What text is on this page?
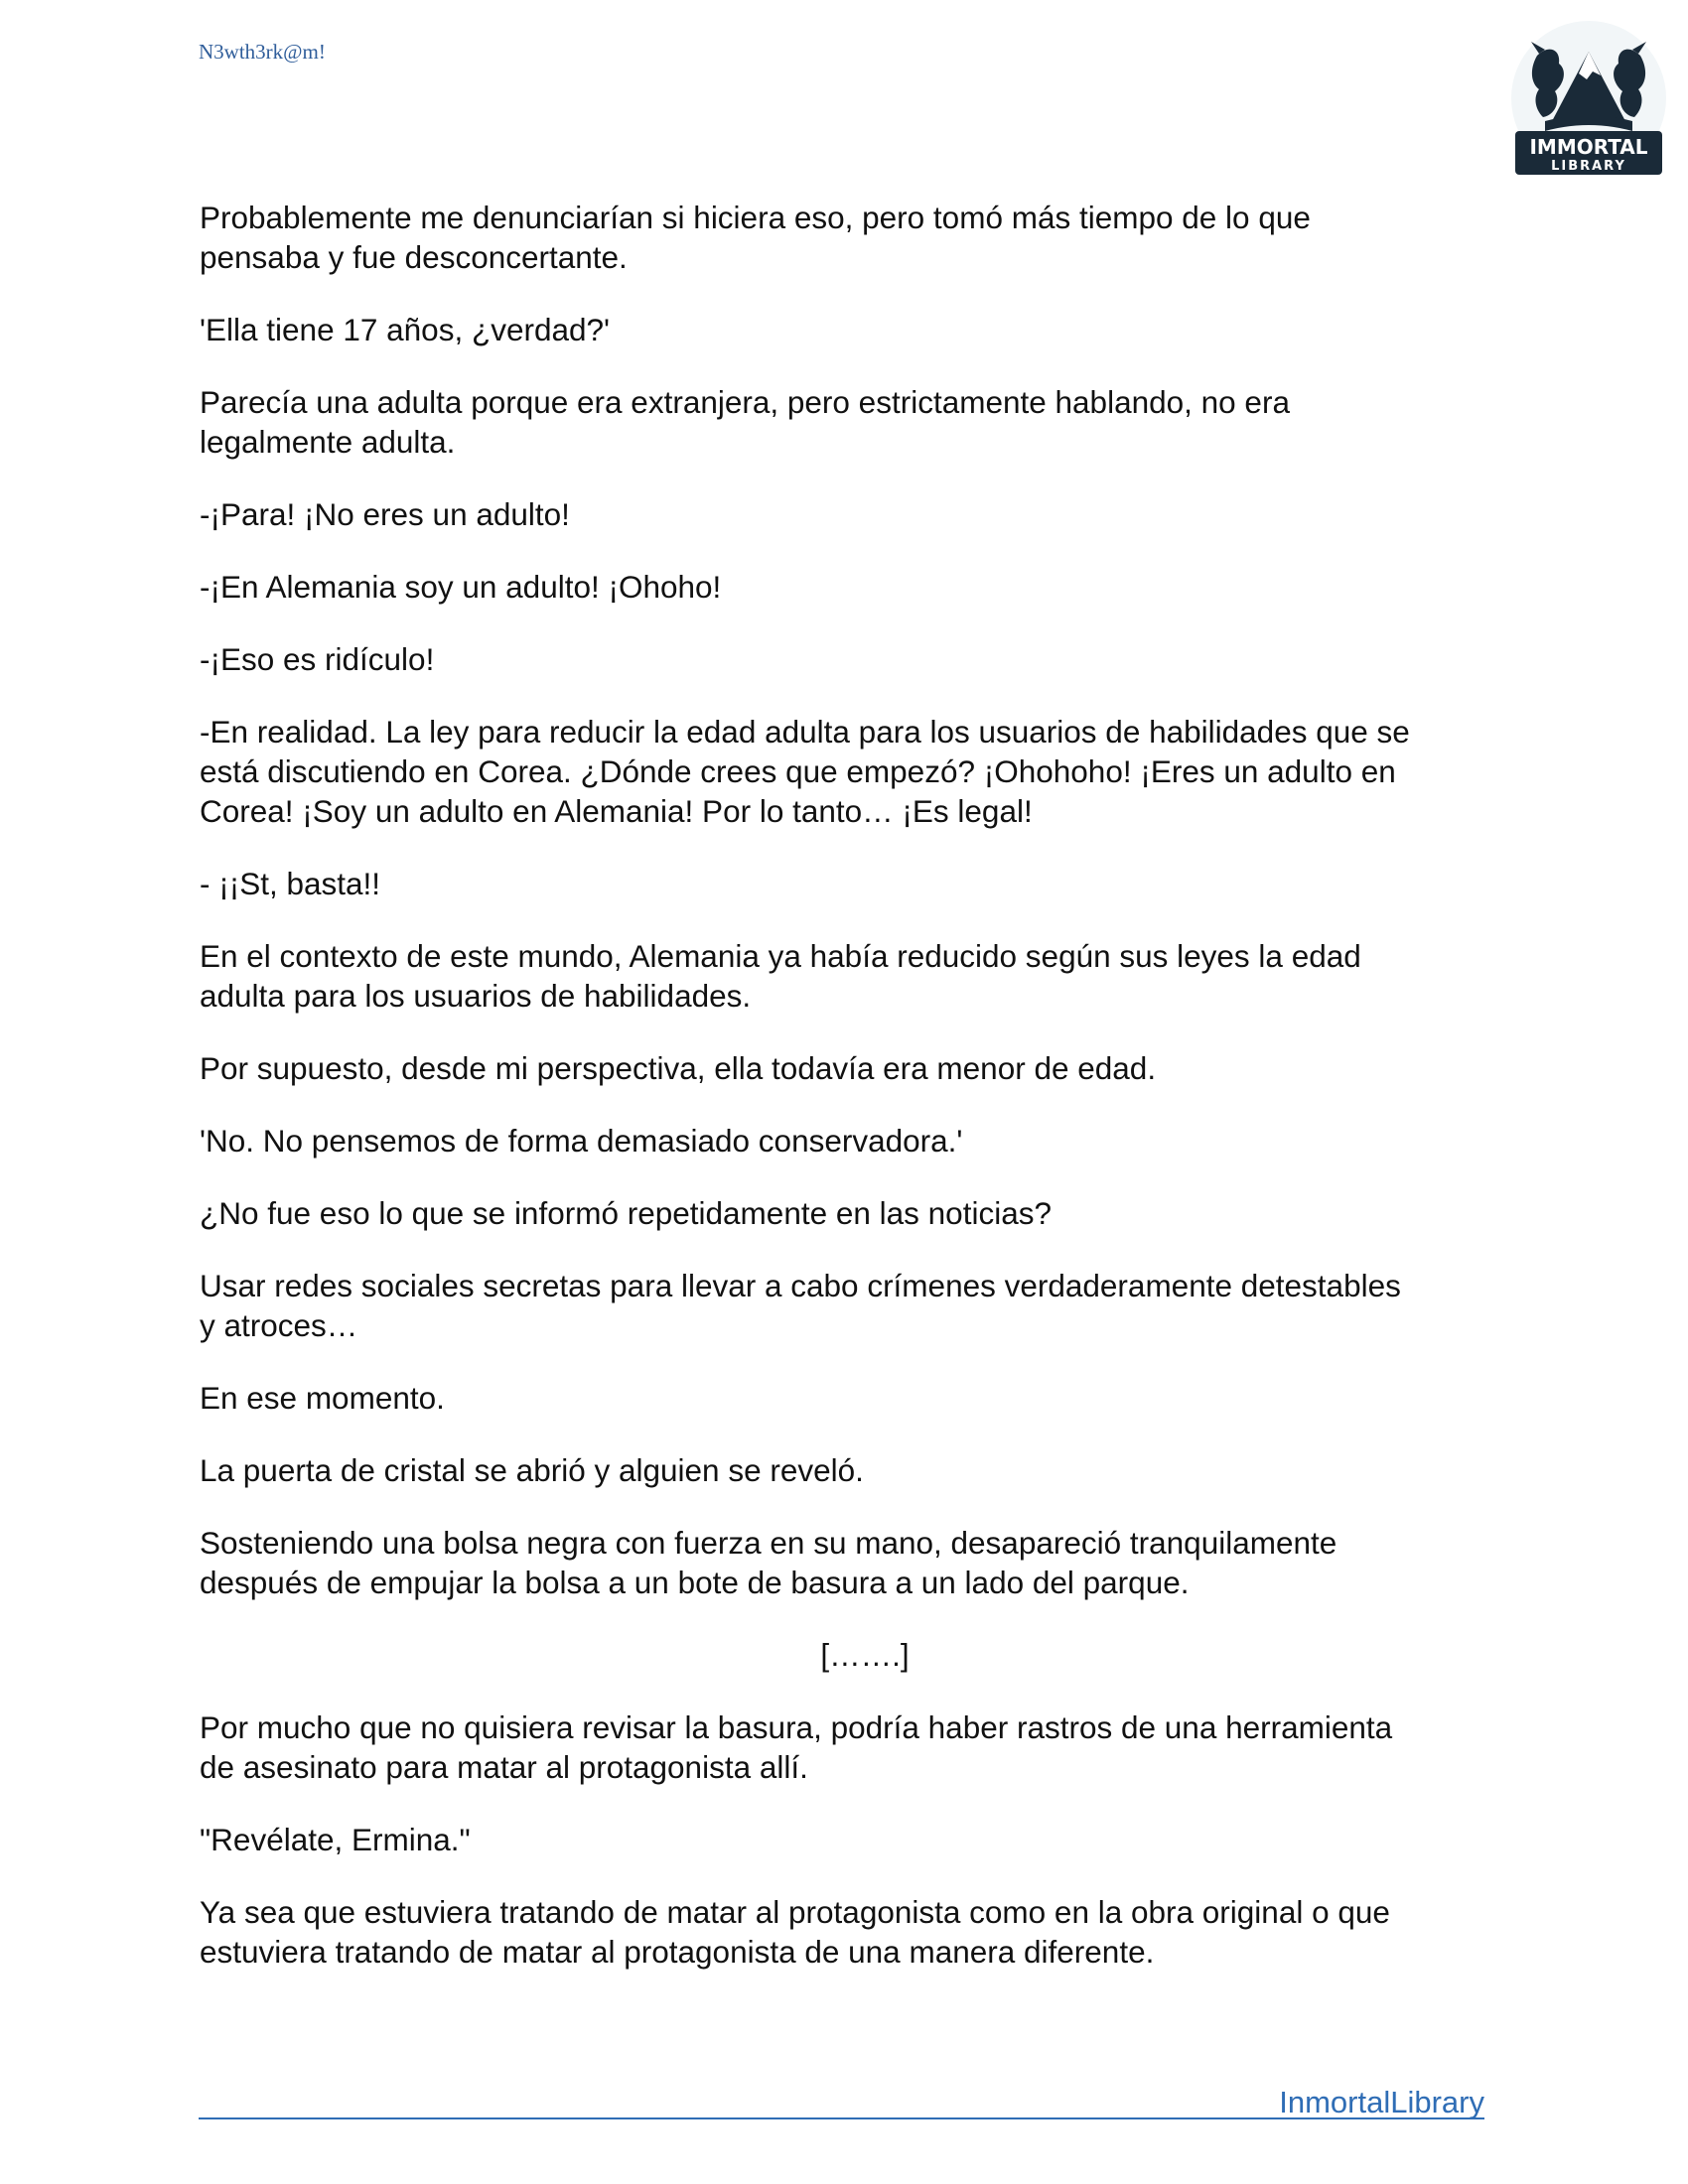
N3wth3rk@m!
IMMORTAL
LIBRARY

Probablemente me denunciarían si hiciera eso, pero tomó más tiempo de lo que
pensaba y fue desconcertante.

'Ella tiene 17 años, ¿verdad?'

Parecía una adulta porque era extranjera, pero estrictamente hablando, no era
legalmente adulta.

-¡Para! ¡No eres un adulto!

-¡En Alemania soy un adulto! ¡Ohoho!

-¡Eso es ridículo!

-En realidad. La ley para reducir la edad adulta para los usuarios de habilidades que se
está discutiendo en Corea. ¿Dónde crees que empezó? ¡Ohohoho! ¡Eres un adulto en
Corea! ¡Soy un adulto en Alemania! Por lo tanto… ¡Es legal!

- ¡¡St, basta!!

En el contexto de este mundo, Alemania ya había reducido según sus leyes la edad
adulta para los usuarios de habilidades.

Por supuesto, desde mi perspectiva, ella todavía era menor de edad.

'No. No pensemos de forma demasiado conservadora.'

¿No fue eso lo que se informó repetidamente en las noticias?

Usar redes sociales secretas para llevar a cabo crímenes verdaderamente detestables
y atroces…

En ese momento.

La puerta de cristal se abrió y alguien se reveló.

Sosteniendo una bolsa negra con fuerza en su mano, desapareció tranquilamente
después de empujar la bolsa a un bote de basura a un lado del parque.

[…….]

Por mucho que no quisiera revisar la basura, podría haber rastros de una herramienta
de asesinato para matar al protagonista allí.

"Revélate, Ermina."

Ya sea que estuviera tratando de matar al protagonista como en la obra original o que
estuviera tratando de matar al protagonista de una manera diferente.

InmortalLibrary
